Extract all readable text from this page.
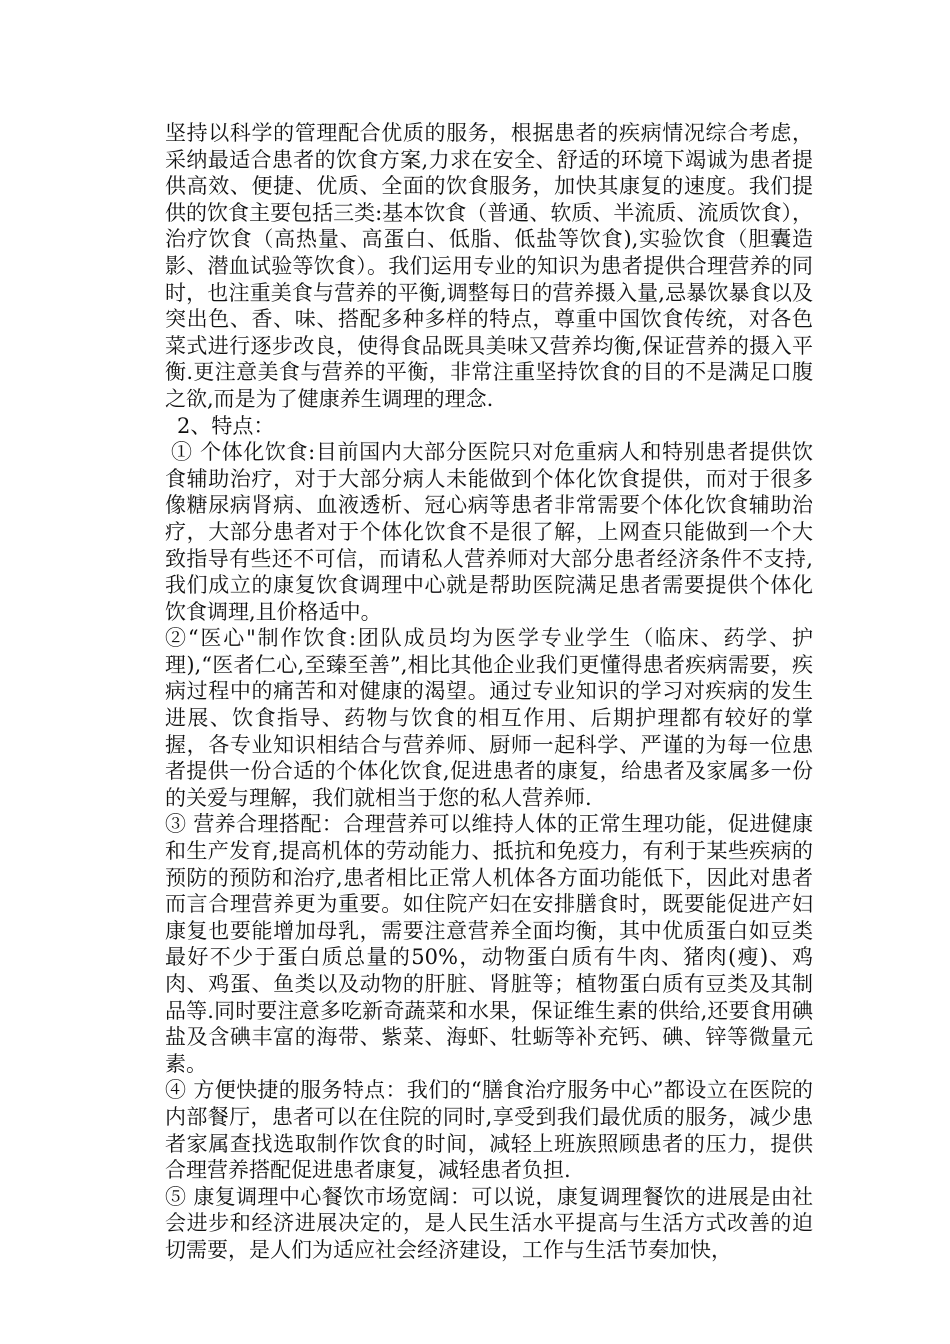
坚持以科学的管理配合优质的服务，根据患者的疾病情况综合考虑，采纳最适合患者的饮食方案,力求在安全、舒适的环境下竭诚为患者提供高效、便捷、优质、全面的饮食服务，加快其康复的速度。我们提供的饮食主要包括三类:基本饮食（普通、软质、半流质、流质饮食），治疗饮食（高热量、高蛋白、低脂、低盐等饮食),实验饮食（胆囊造影、潜血试验等饮食）。我们运用专业的知识为患者提供合理营养的同时，也注重美食与营养的平衡,调整每日的营养摄入量,忌暴饮暴食以及突出色、香、味、搭配多种多样的特点，尊重中国饮食传统，对各色菜式进行逐步改良，使得食品既具美味又营养均衡,保证营养的摄入平衡.更注意美食与营养的平衡，非常注重坚持饮食的目的不是满足口腹之欲,而是为了健康养生调理的理念.

2、特点：

① 个体化饮食:目前国内大部分医院只对危重病人和特别患者提供饮食辅助治疗，对于大部分病人未能做到个体化饮食提供，而对于很多像糖尿病肾病、血液透析、冠心病等患者非常需要个体化饮食辅助治疗，大部分患者对于个体化饮食不是很了解，上网查只能做到一个大致指导有些还不可信，而请私人营养师对大部分患者经济条件不支持,我们成立的康复饮食调理中心就是帮助医院满足患者需要提供个体化饮食调理,且价格适中。

②“医心"制作饮食:团队成员均为医学专业学生（临床、药学、护理),“医者仁心,至臻至善”,相比其他企业我们更懂得患者疾病需要，疾病过程中的痛苦和对健康的渴望。通过专业知识的学习对疾病的发生进展、饮食指导、药物与饮食的相互作用、后期护理都有较好的掌握，各专业知识相结合与营养师、厨师一起科学、严谨的为每一位患者提供一份合适的个体化饮食,促进患者的康复，给患者及家属多一份的关爱与理解，我们就相当于您的私人营养师.

③ 营养合理搭配：合理营养可以维持人体的正常生理功能，促进健康和生产发育,提高机体的劳动能力、抵抗和免疫力，有利于某些疾病的预防的预防和治疗,患者相比正常人机体各方面功能低下，因此对患者而言合理营养更为重要。如住院产妇在安排膳食时，既要能促进产妇康复也要能增加母乳，需要注意营养全面均衡，其中优质蛋白如豆类最好不少于蛋白质总量的50%，动物蛋白质有牛肉、猪肉(瘦)、鸡肉、鸡蛋、鱼类以及动物的肝脏、肾脏等；植物蛋白质有豆类及其制品等.同时要注意多吃新奇蔬菜和水果，保证维生素的供给,还要食用碘盐及含碘丰富的海带、紫菜、海虾、牡蛎等补充钙、碘、锌等微量元素。

④ 方便快捷的服务特点：我们的“膳食治疗服务中心”都设立在医院的内部餐厅，患者可以在住院的同时,享受到我们最优质的服务，减少患者家属查找选取制作饮食的时间，减轻上班族照顾患者的压力，提供合理营养搭配促进患者康复，减轻患者负担.

⑤ 康复调理中心餐饮市场宽阔：可以说，康复调理餐饮的进展是由社会进步和经济进展决定的，是人民生活水平提高与生活方式改善的迫切需要，是人们为适应社会经济建设，工作与生活节奏加快，
